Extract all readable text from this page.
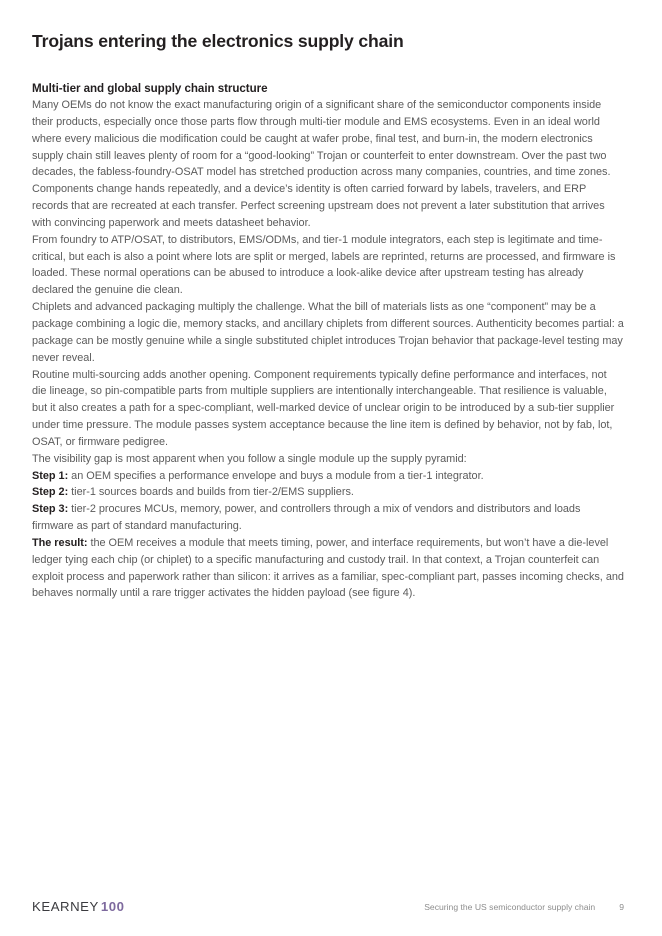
Trojans entering the electronics supply chain
Multi-tier and global supply chain structure

Many OEMs do not know the exact manufacturing origin of a significant share of the semiconductor components inside their products, especially once those parts flow through multi-tier module and EMS ecosystems. Even in an ideal world where every malicious die modification could be caught at wafer probe, final test, and burn-in, the modern electronics supply chain still leaves plenty of room for a “good-looking” Trojan or counterfeit to enter downstream. Over the past two decades, the fabless-foundry-OSAT model has stretched production across many companies, countries, and time zones. Components change hands repeatedly, and a device’s identity is often carried forward by labels, travelers, and ERP records that are recreated at each transfer. Perfect screening upstream does not prevent a later substitution that arrives with convincing paperwork and meets datasheet behavior.

From foundry to ATP/OSAT, to distributors, EMS/ODMs, and tier-1 module integrators, each step is legitimate and time-critical, but each is also a point where lots are split or merged, labels are reprinted, returns are processed, and firmware is loaded. These normal operations can be abused to introduce a look-alike device after upstream testing has already declared the genuine die clean.

Chiplets and advanced packaging multiply the challenge. What the bill of materials lists as one “component” may be a package combining a logic die, memory stacks, and ancillary chiplets from different sources. Authenticity becomes partial: a package can be mostly genuine while a single substituted chiplet introduces Trojan behavior that package-level testing may never reveal.

Routine multi-sourcing adds another opening. Component requirements typically define performance and interfaces, not die lineage, so pin-compatible parts from multiple suppliers are intentionally interchangeable. That resilience is valuable, but it also creates a path for a spec-compliant, well-marked device of unclear origin to be introduced by a sub-tier supplier under time pressure. The module passes system acceptance because the line item is defined by behavior, not by fab, lot, OSAT, or firmware pedigree.

The visibility gap is most apparent when you follow a single module up the supply pyramid:

Step 1: an OEM specifies a performance envelope and buys a module from a tier-1 integrator.

Step 2: tier-1 sources boards and builds from tier-2/EMS suppliers.

Step 3: tier-2 procures MCUs, memory, power, and controllers through a mix of vendors and distributors and loads firmware as part of standard manufacturing.

The result: the OEM receives a module that meets timing, power, and interface requirements, but won’t have a die-level ledger tying each chip (or chiplet) to a specific manufacturing and custody trail. In that context, a Trojan counterfeit can exploit process and paperwork rather than silicon: it arrives as a familiar, spec-compliant part, passes incoming checks, and behaves normally until a rare trigger activates the hidden payload (see figure 4).

KEARNEY 100	Securing the US semiconductor supply chain	9
